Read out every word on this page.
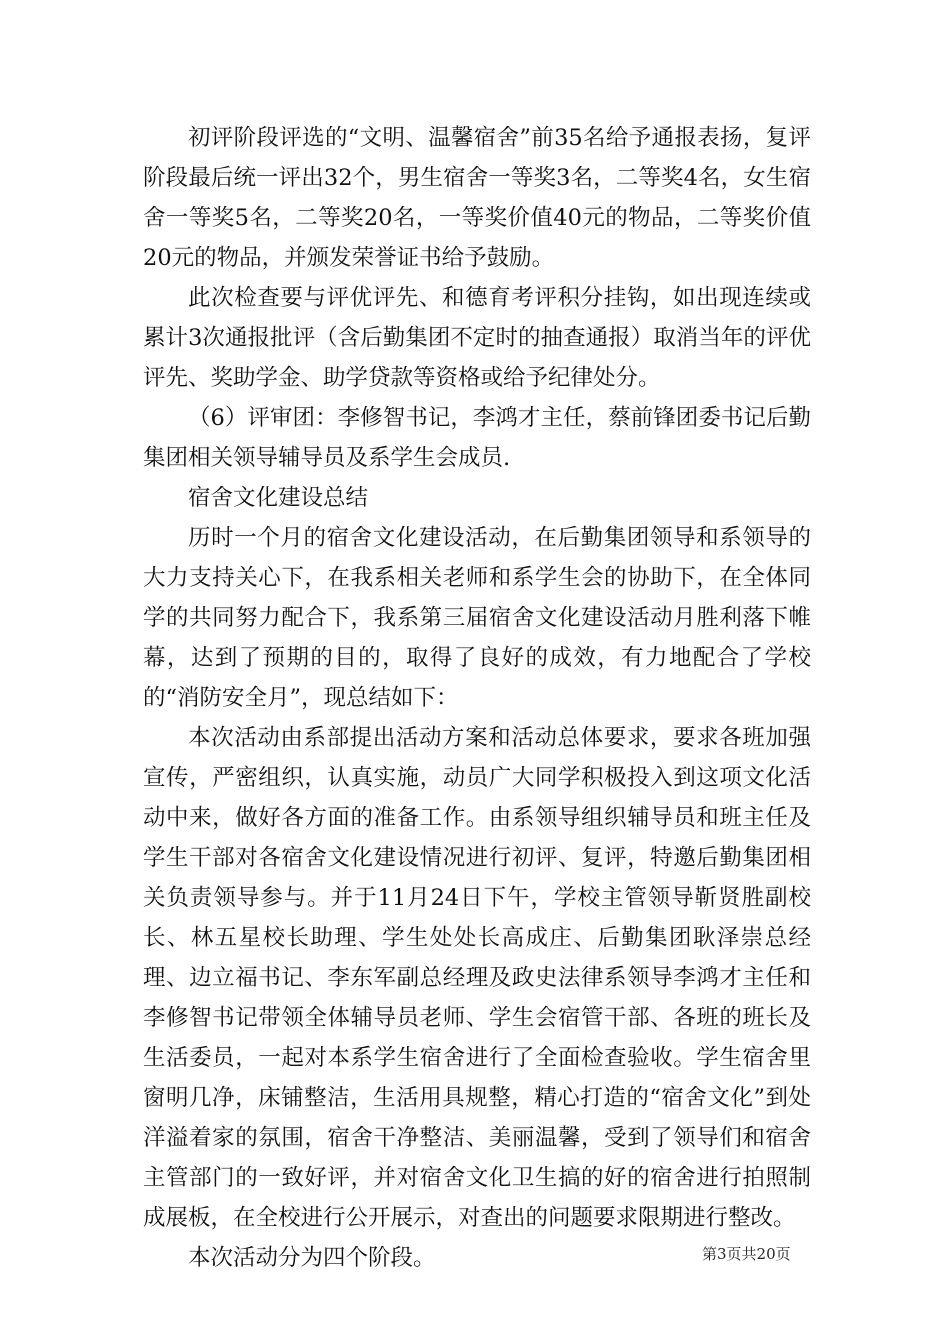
初评阶段评选的“文明、温馨宿舍”前35名给予通报表扬，复评阶段最后统一评出32个，男生宿舍一等奖3名，二等奖4名，女生宿舍一等奖5名，二等奖20名，一等奖价值40元的物品，二等奖价值20元的物品，并颁发荣誉证书给予鼓励。

此次检查要与评优评先、和德育考评积分挂钩，如出现连续或累计3次通报批评（含后勤集团不定时的抽查通报）取消当年的评优评先、奖助学金、助学贷款等资格或给予纪律处分。

（6）评审团：李修智书记，李鸿才主任，蔡前锋团委书记后勤集团相关领导辅导员及系学生会成员.

宿舍文化建设总结

历时一个月的宿舍文化建设活动，在后勤集团领导和系领导的大力支持关心下，在我系相关老师和系学生会的协助下，在全体同学的共同努力配合下，我系第三届宿舍文化建设活动月胜利落下帷幕，达到了预期的目的，取得了良好的成效，有力地配合了学校的“消防安全月”，现总结如下：

本次活动由系部提出活动方案和活动总体要求，要求各班加强宣传，严密组织，认真实施，动员广大同学积极投入到这项文化活动中来，做好各方面的准备工作。由系领导组织辅导员和班主任及学生干部对各宿舍文化建设情况进行初评、复评，特邀后勤集团相关负责领导参与。并于11月24日下午，学校主管领导靳贤胜副校长、林五星校长助理、学生处处长高成庄、后勤集团耿泽崇总经理、边立福书记、李东军副总经理及政史法律系领导李鸿才主任和李修智书记带领全体辅导员老师、学生会宿管干部、各班的班长及生活委员，一起对本系学生宿舍进行了全面检查验收。学生宿舍里窗明几净，床铺整洁，生活用具规整，精心打造的“宿舍文化”到处洋溢着家的氛围，宿舍干净整洁、美丽温馨，受到了领导们和宿舍主管部门的一致好评，并对宿舍文化卫生搞的好的宿舍进行拍照制成展板，在全校进行公开展示，对查出的问题要求限期进行整改。

本次活动分为四个阶段。	第3页共20页
